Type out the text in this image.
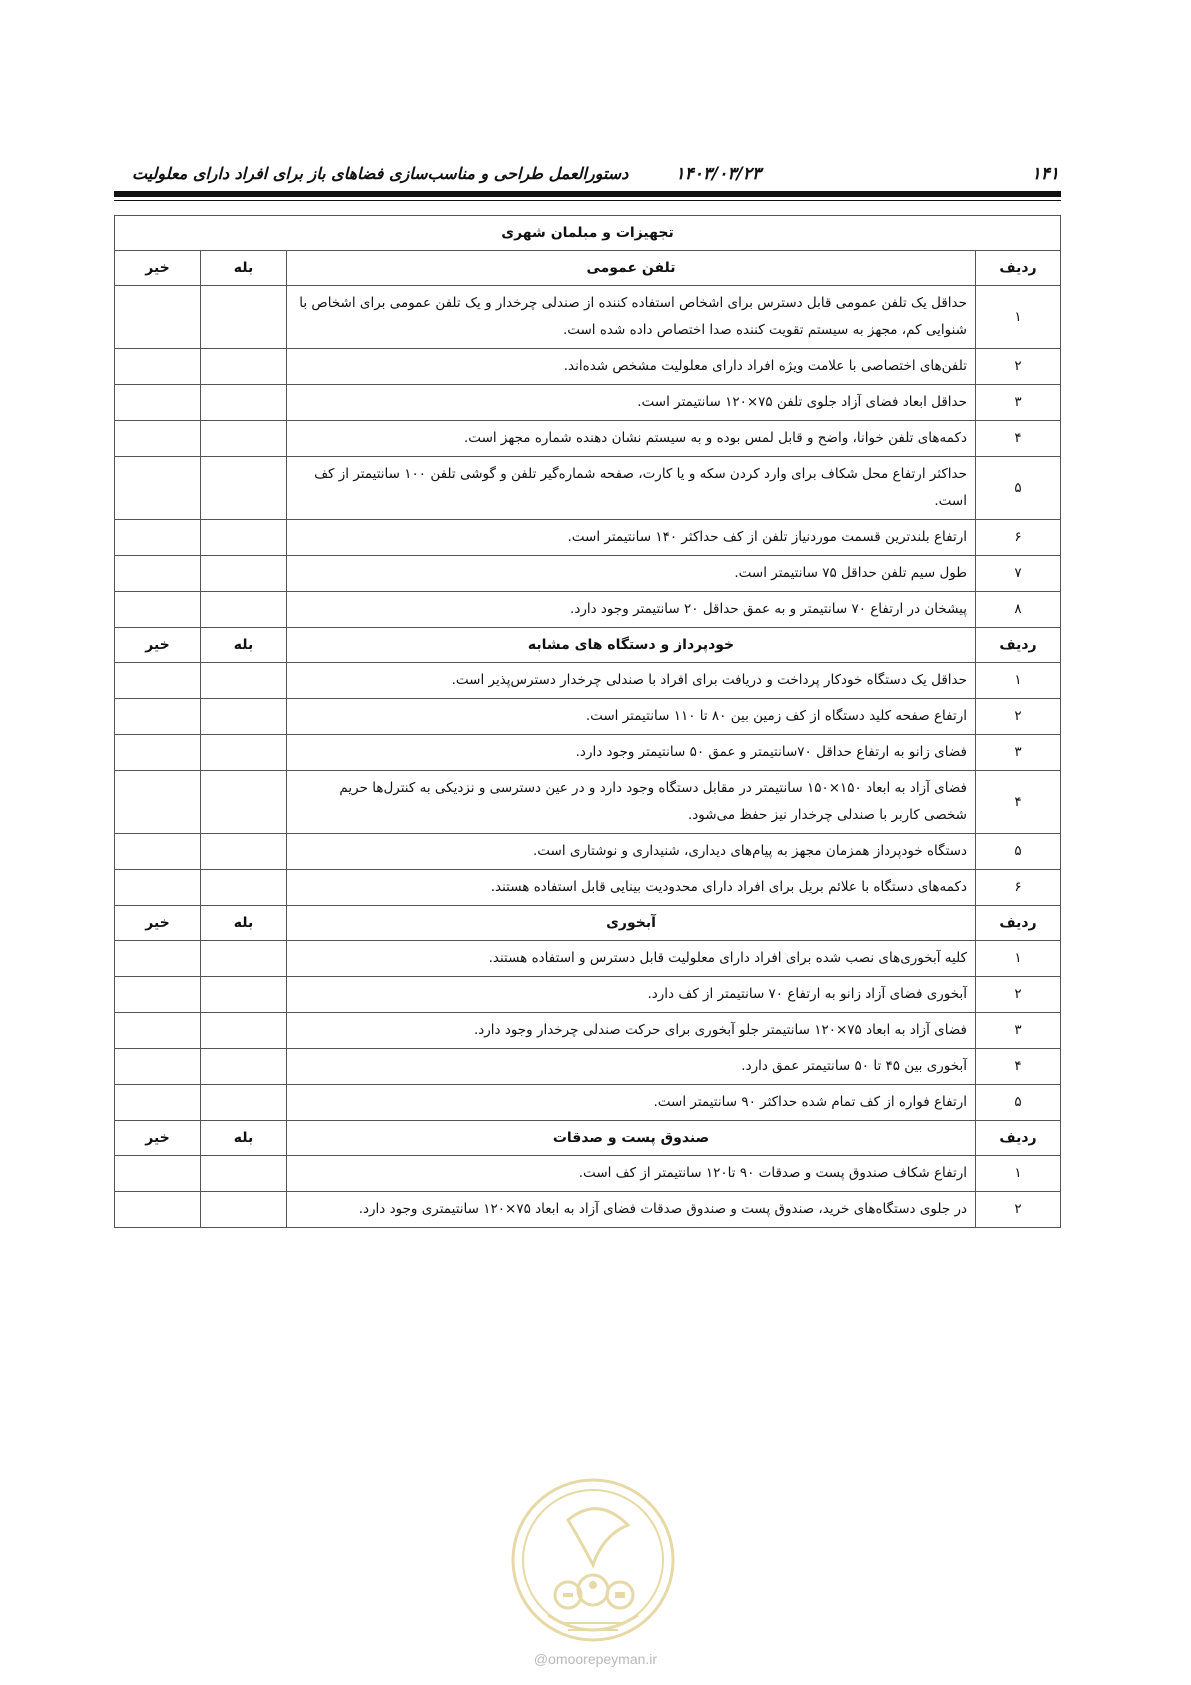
۱۴۱
۱۴۰۳/۰۳/۲۳
دستورالعمل طراحی و مناسب‌سازی فضاهای باز برای افراد دارای معلولیت
تجهیزات و مبلمان شهری			
ردیف	تلفن عمومی	بله	خیر
۱	حداقل یک تلفن عمومی قابل دسترس برای اشخاص استفاده کننده از صندلی چرخدار و یک تلفن عمومی برای اشخاص با شنوایی کم، مجهز به سیستم تقویت کننده صدا اختصاص داده شده است.		
۲	تلفن‌های اختصاصی با علامت ویژه افراد دارای معلولیت مشخص شده‌اند.		
۳	حداقل ابعاد فضای آزاد جلوی تلفن ۷۵×۱۲۰ سانتیمتر است.		
۴	دکمه‌های تلفن خوانا، واضح و قابل لمس بوده و به سیستم نشان دهنده شماره مجهز است.		
۵	حداکثر ارتفاع محل شکاف برای وارد کردن سکه و یا کارت، صفحه شماره‌گیر تلفن و گوشی تلفن ۱۰۰ سانتیمتر از کف است.		
۶	ارتفاع بلندترین قسمت موردنیاز تلفن از کف حداکثر ۱۴۰ سانتیمتر است.		
۷	طول سیم تلفن حداقل ۷۵ سانتیمتر است.		
۸	پیشخان در ارتفاع ۷۰ سانتیمتر و به عمق حداقل ۲۰ سانتیمتر وجود دارد.		
ردیف	خودپرداز و دستگاه های مشابه	بله	خیر
۱	حداقل یک دستگاه خودکار پرداخت و دریافت برای افراد با صندلی چرخدار دسترس‌پذیر است.		
۲	ارتفاع صفحه کلید دستگاه از کف زمین بین ۸۰ تا ۱۱۰ سانتیمتر است.		
۳	فضای زانو به ارتفاع حداقل ۷۰سانتیمتر و عمق ۵۰ سانتیمتر وجود دارد.		
۴	فضای آزاد به ابعاد ۱۵۰×۱۵۰ سانتیمتر در مقابل دستگاه وجود دارد و در عین دسترسی و نزدیکی به کنترل‌ها حریم شخصی کاربر با صندلی چرخدار نیز حفظ می‌شود.		
۵	دستگاه خودپرداز همزمان مجهز به پیام‌های دیداری، شنیداری و نوشتاری است.		
۶	دکمه‌های دستگاه با علائم بریل برای افراد دارای محدودیت بینایی قابل استفاده هستند.		
ردیف	آبخوری	بله	خیر
۱	کلیه آبخوری‌های نصب شده برای افراد دارای معلولیت قابل دسترس و استفاده هستند.		
۲	آبخوری فضای آزاد زانو به ارتفاع ۷۰ سانتیمتر از کف دارد.		
۳	فضای آزاد به ابعاد ۷۵×۱۲۰ سانتیمتر جلو آبخوری برای حرکت صندلی چرخدار وجود دارد.		
۴	آبخوری بین ۴۵ تا ۵۰ سانتیمتر عمق دارد.		
۵	ارتفاع فواره از کف تمام شده حداکثر ۹۰ سانتیمتر است.		
ردیف	صندوق پست و صدقات	بله	خیر
۱	ارتفاع شکاف صندوق پست و صدقات ۹۰ تا۱۲۰ سانتیمتر از کف است.		
۲	در جلوی دستگاه‌های خرید، صندوق پست و صندوق صدقات فضای آزاد به ابعاد ۷۵×۱۲۰ سانتیمتری وجود دارد.		
@omoorepeyman.ir
